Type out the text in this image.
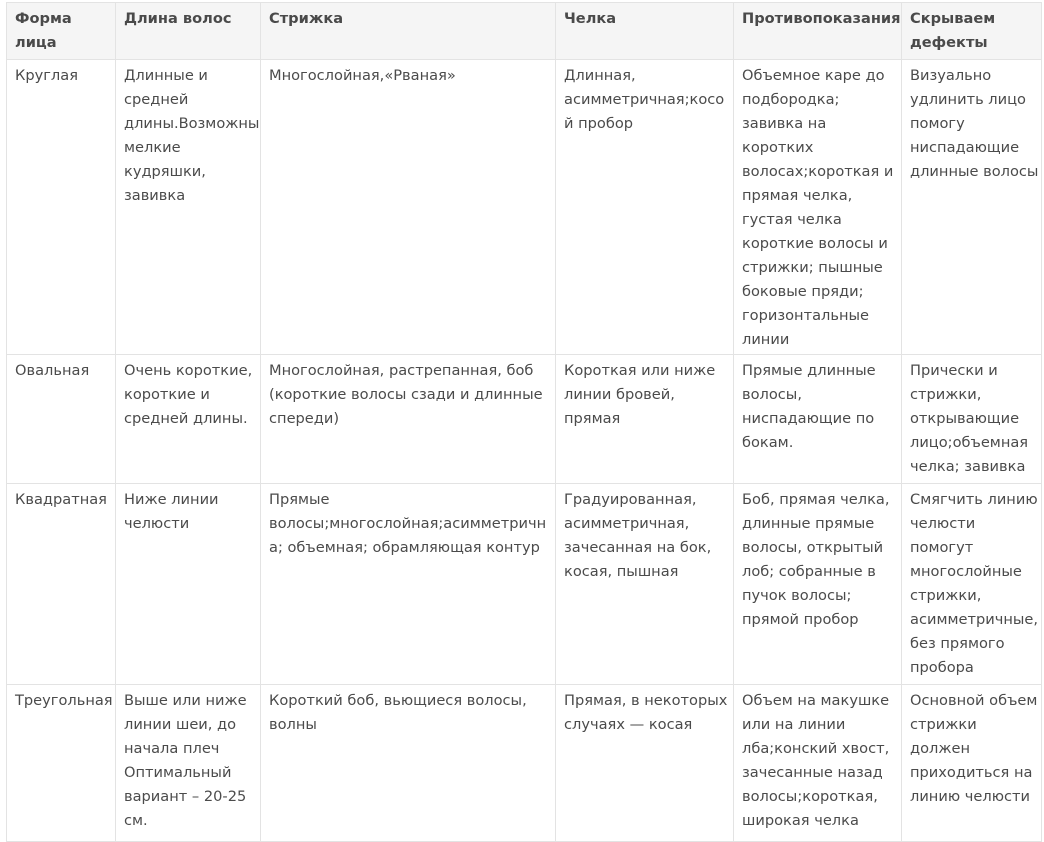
Форма
лица	Длина волос	Стрижка	Челка	Противопоказания	Скрываем
дефекты
Круглая	Длинные и средней длины.Возможны мелкие кудряшки, завивка	Многослойная,«Рваная»	Длинная, асимметричная;косой пробор	Объемное каре до подбородка; завивка на коротких волосах;короткая и прямая челка, густая челка короткие волосы и стрижки; пышные боковые пряди; горизонтальные линии	Визуально удлинить лицо помогу ниспадающие длинные волосы
Овальная	Очень короткие, короткие и средней длины.	Многослойная, растрепанная, боб (короткие волосы сзади и длинные спереди)	Короткая или ниже линии бровей, прямая	Прямые длинные волосы, ниспадающие по бокам.	Прически и стрижки, открывающие лицо;объемная челка; завивка
Квадратная	Ниже линии челюсти	Прямые волосы;многослойная;асимметрична; объемная; обрамляющая контур	Градуированная, асимметричная, зачесанная на бок, косая, пышная	Боб, прямая челка, длинные прямые волосы, открытый лоб; собранные в пучок волосы; прямой пробор	Смягчить линию челюсти помогут многослойные стрижки, асимметричные, без прямого пробора
Треугольная	Выше или ниже линии шеи, до начала плеч Оптимальный вариант – 20-25 см.	Короткий боб, вьющиеся волосы, волны	Прямая, в некоторых случаях — косая	Объем на макушке или на линии лба;конский хвост, зачесанные назад волосы;короткая, широкая челка	Основной объем стрижки должен приходиться на линию челюсти
